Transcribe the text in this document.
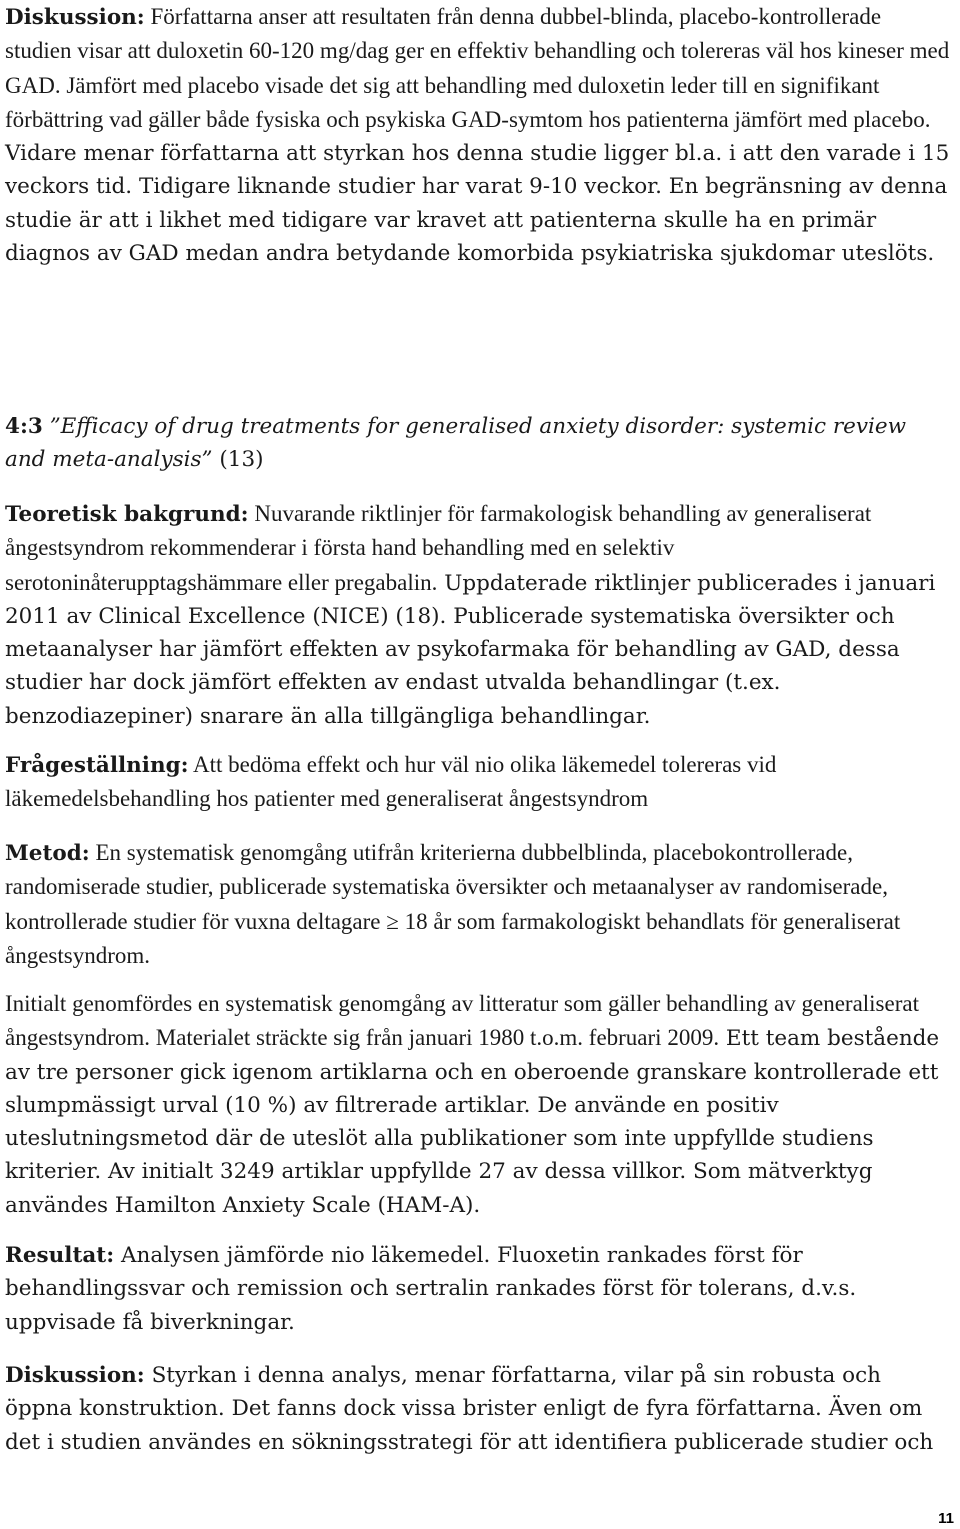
Diskussion: Författarna anser att resultaten från denna dubbel-blinda, placebo-kontrollerade studien visar att duloxetin 60-120 mg/dag ger en effektiv behandling och tolereras väl hos kineser med GAD. Jämfört med placebo visade det sig att behandling med duloxetin leder till en signifikant förbättring vad gäller både fysiska och psykiska GAD-symtom hos patienterna jämfört med placebo. Vidare menar författarna att styrkan hos denna studie ligger bl.a. i att den varade i 15 veckors tid. Tidigare liknande studier har varat 9-10 veckor. En begränsning av denna studie är att i likhet med tidigare var kravet att patienterna skulle ha en primär diagnos av GAD medan andra betydande komorbida psykiatriska sjukdomar uteslöts.

4:3 ”Efficacy of drug treatments for generalised anxiety disorder: systemic review and meta-analysis” (13)

Teoretisk bakgrund: Nuvarande riktlinjer för farmakologisk behandling av generaliserat ångestsyndrom rekommenderar i första hand behandling med en selektiv serotoninåterupptagshämmare eller pregabalin. Uppdaterade riktlinjer publicerades i januari 2011 av Clinical Excellence (NICE) (18). Publicerade systematiska översikter och metaanalyser har jämfört effekten av psykofarmaka för behandling av GAD, dessa studier har dock jämfört effekten av endast utvalda behandlingar (t.ex. benzodiazepiner) snarare än alla tillgängliga behandlingar.

Frågeställning: Att bedöma effekt och hur väl nio olika läkemedel tolereras vid läkemedelsbehandling hos patienter med generaliserat ångestsyndrom

Metod: En systematisk genomgång utifrån kriterierna dubbelblinda, placebokontrollerade, randomiserade studier, publicerade systematiska översikter och metaanalyser av randomiserade, kontrollerade studier för vuxna deltagare ≥ 18 år som farmakologiskt behandlats för generaliserat ångestsyndrom.

Initialt genomfördes en systematisk genomgång av litteratur som gäller behandling av generaliserat ångestsyndrom. Materialet sträckte sig från januari 1980 t.o.m. februari 2009. Ett team bestående av tre personer gick igenom artiklarna och en oberoende granskare kontrollerade ett slumpmässigt urval (10 %) av filtrerade artiklar. De använde en positiv uteslutningsmetod där de uteslöt alla publikationer som inte uppfyllde studiens kriterier. Av initialt 3249 artiklar uppfyllde 27 av dessa villkor. Som mätverktyg användes Hamilton Anxiety Scale (HAM-A).

Resultat: Analysen jämförde nio läkemedel. Fluoxetin rankades först för behandlingssvar och remission och sertralin rankades först för tolerans, d.v.s. uppvisade få biverkningar.

Diskussion: Styrkan i denna analys, menar författarna, vilar på sin robusta och öppna konstruktion. Det fanns dock vissa brister enligt de fyra författarna. Även om det i studien användes en sökningsstrategi för att identifiera publicerade studier och

11
